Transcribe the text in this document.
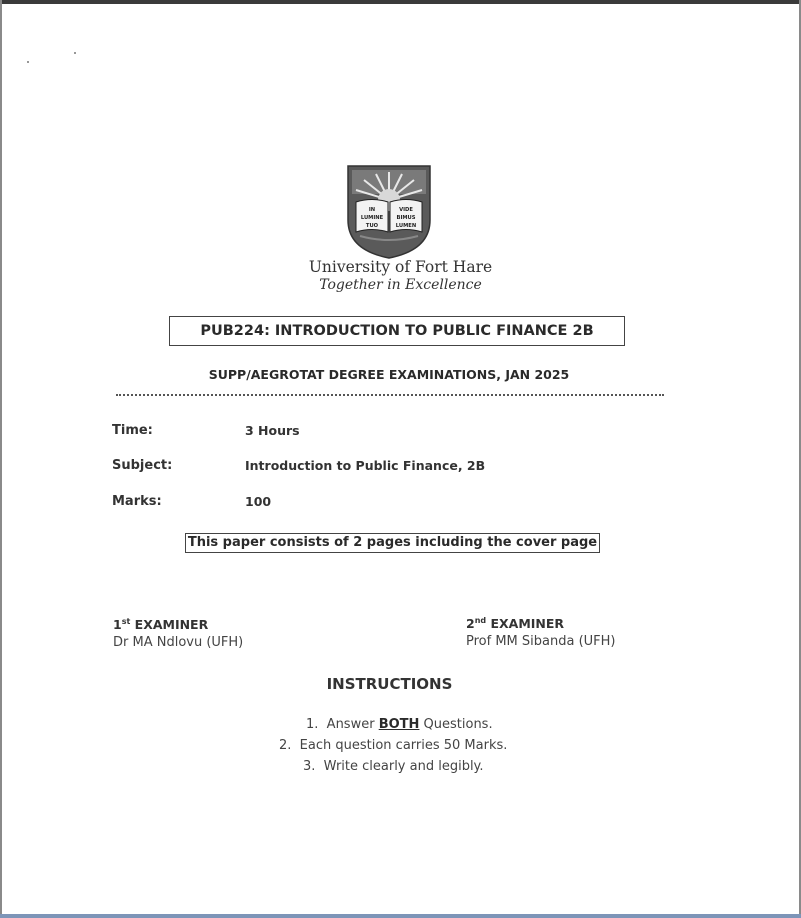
IN
LUMINE
TUO
VIDE
BIMUS
LUMEN
University of Fort Hare
Together in Excellence
PUB224: INTRODUCTION TO PUBLIC FINANCE 2B
SUPP/AEGROTAT DEGREE EXAMINATIONS, JAN 2025
Time:	3 Hours
Subject:	Introduction to Public Finance, 2B
Marks:	100
This paper consists of 2 pages including the cover page
1st EXAMINER
Dr MA Ndlovu (UFH)
2nd EXAMINER
Prof MM Sibanda (UFH)
INSTRUCTIONS
1. Answer BOTH Questions.
2. Each question carries 50 Marks.
3. Write clearly and legibly.
